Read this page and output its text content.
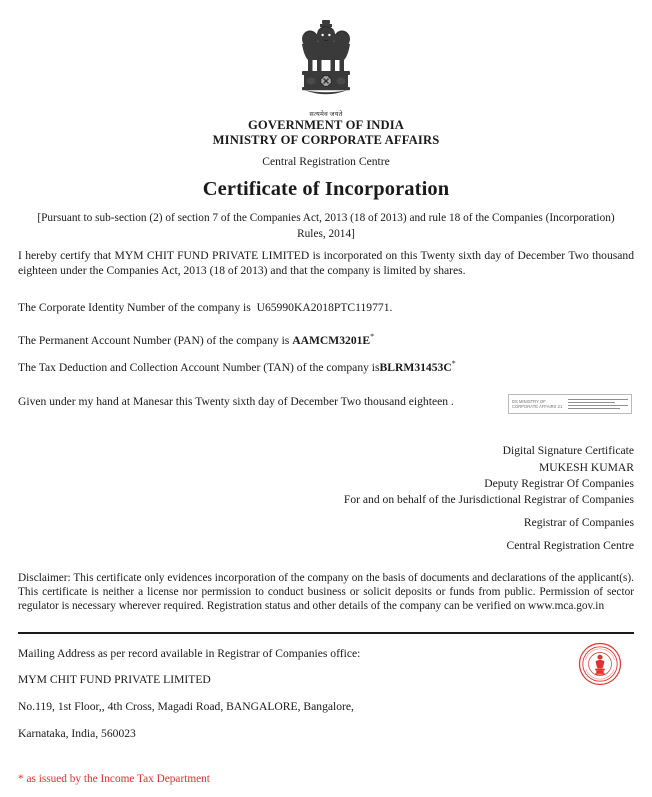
सत्यमेव जयते
GOVERNMENT OF INDIA
MINISTRY OF CORPORATE AFFAIRS
Central Registration Centre
Certificate of Incorporation
[Pursuant to sub-section (2) of section 7 of the Companies Act, 2013 (18 of 2013) and rule 18 of the Companies (Incorporation) Rules, 2014]
I hereby certify that MYM CHIT FUND PRIVATE LIMITED is incorporated on this Twenty sixth day of December Two thousand eighteen under the Companies Act, 2013 (18 of 2013) and that the company is limited by shares.
The Corporate Identity Number of the company is U65990KA2018PTC119771.
The Permanent Account Number (PAN) of the company is AAMCM3201E*
The Tax Deduction and Collection Account Number (TAN) of the company isBLRM31453C*
Given under my hand at Manesar this Twenty sixth day of December Two thousand eighteen .	DS MINISTRY OF
CORPORATE AFFAIRS 21
Digital Signature Certificate
MUKESH KUMAR
Deputy Registrar Of Companies
For and on behalf of the Jurisdictional Registrar of Companies
Registrar of Companies
Central Registration Centre
Disclaimer: This certificate only evidences incorporation of the company on the basis of documents and declarations of the applicant(s). This certificate is neither a license nor permission to conduct business or solicit deposits or funds from public. Permission of sector regulator is necessary wherever required. Registration status and other details of the company can be verified on www.mca.gov.in
Mailing Address as per record available in Registrar of Companies office:
MYM CHIT FUND PRIVATE LIMITED
No.119, 1st Floor,, 4th Cross, Magadi Road, BANGALORE, Bangalore,
Karnataka, India, 560023
* as issued by the Income Tax Department
